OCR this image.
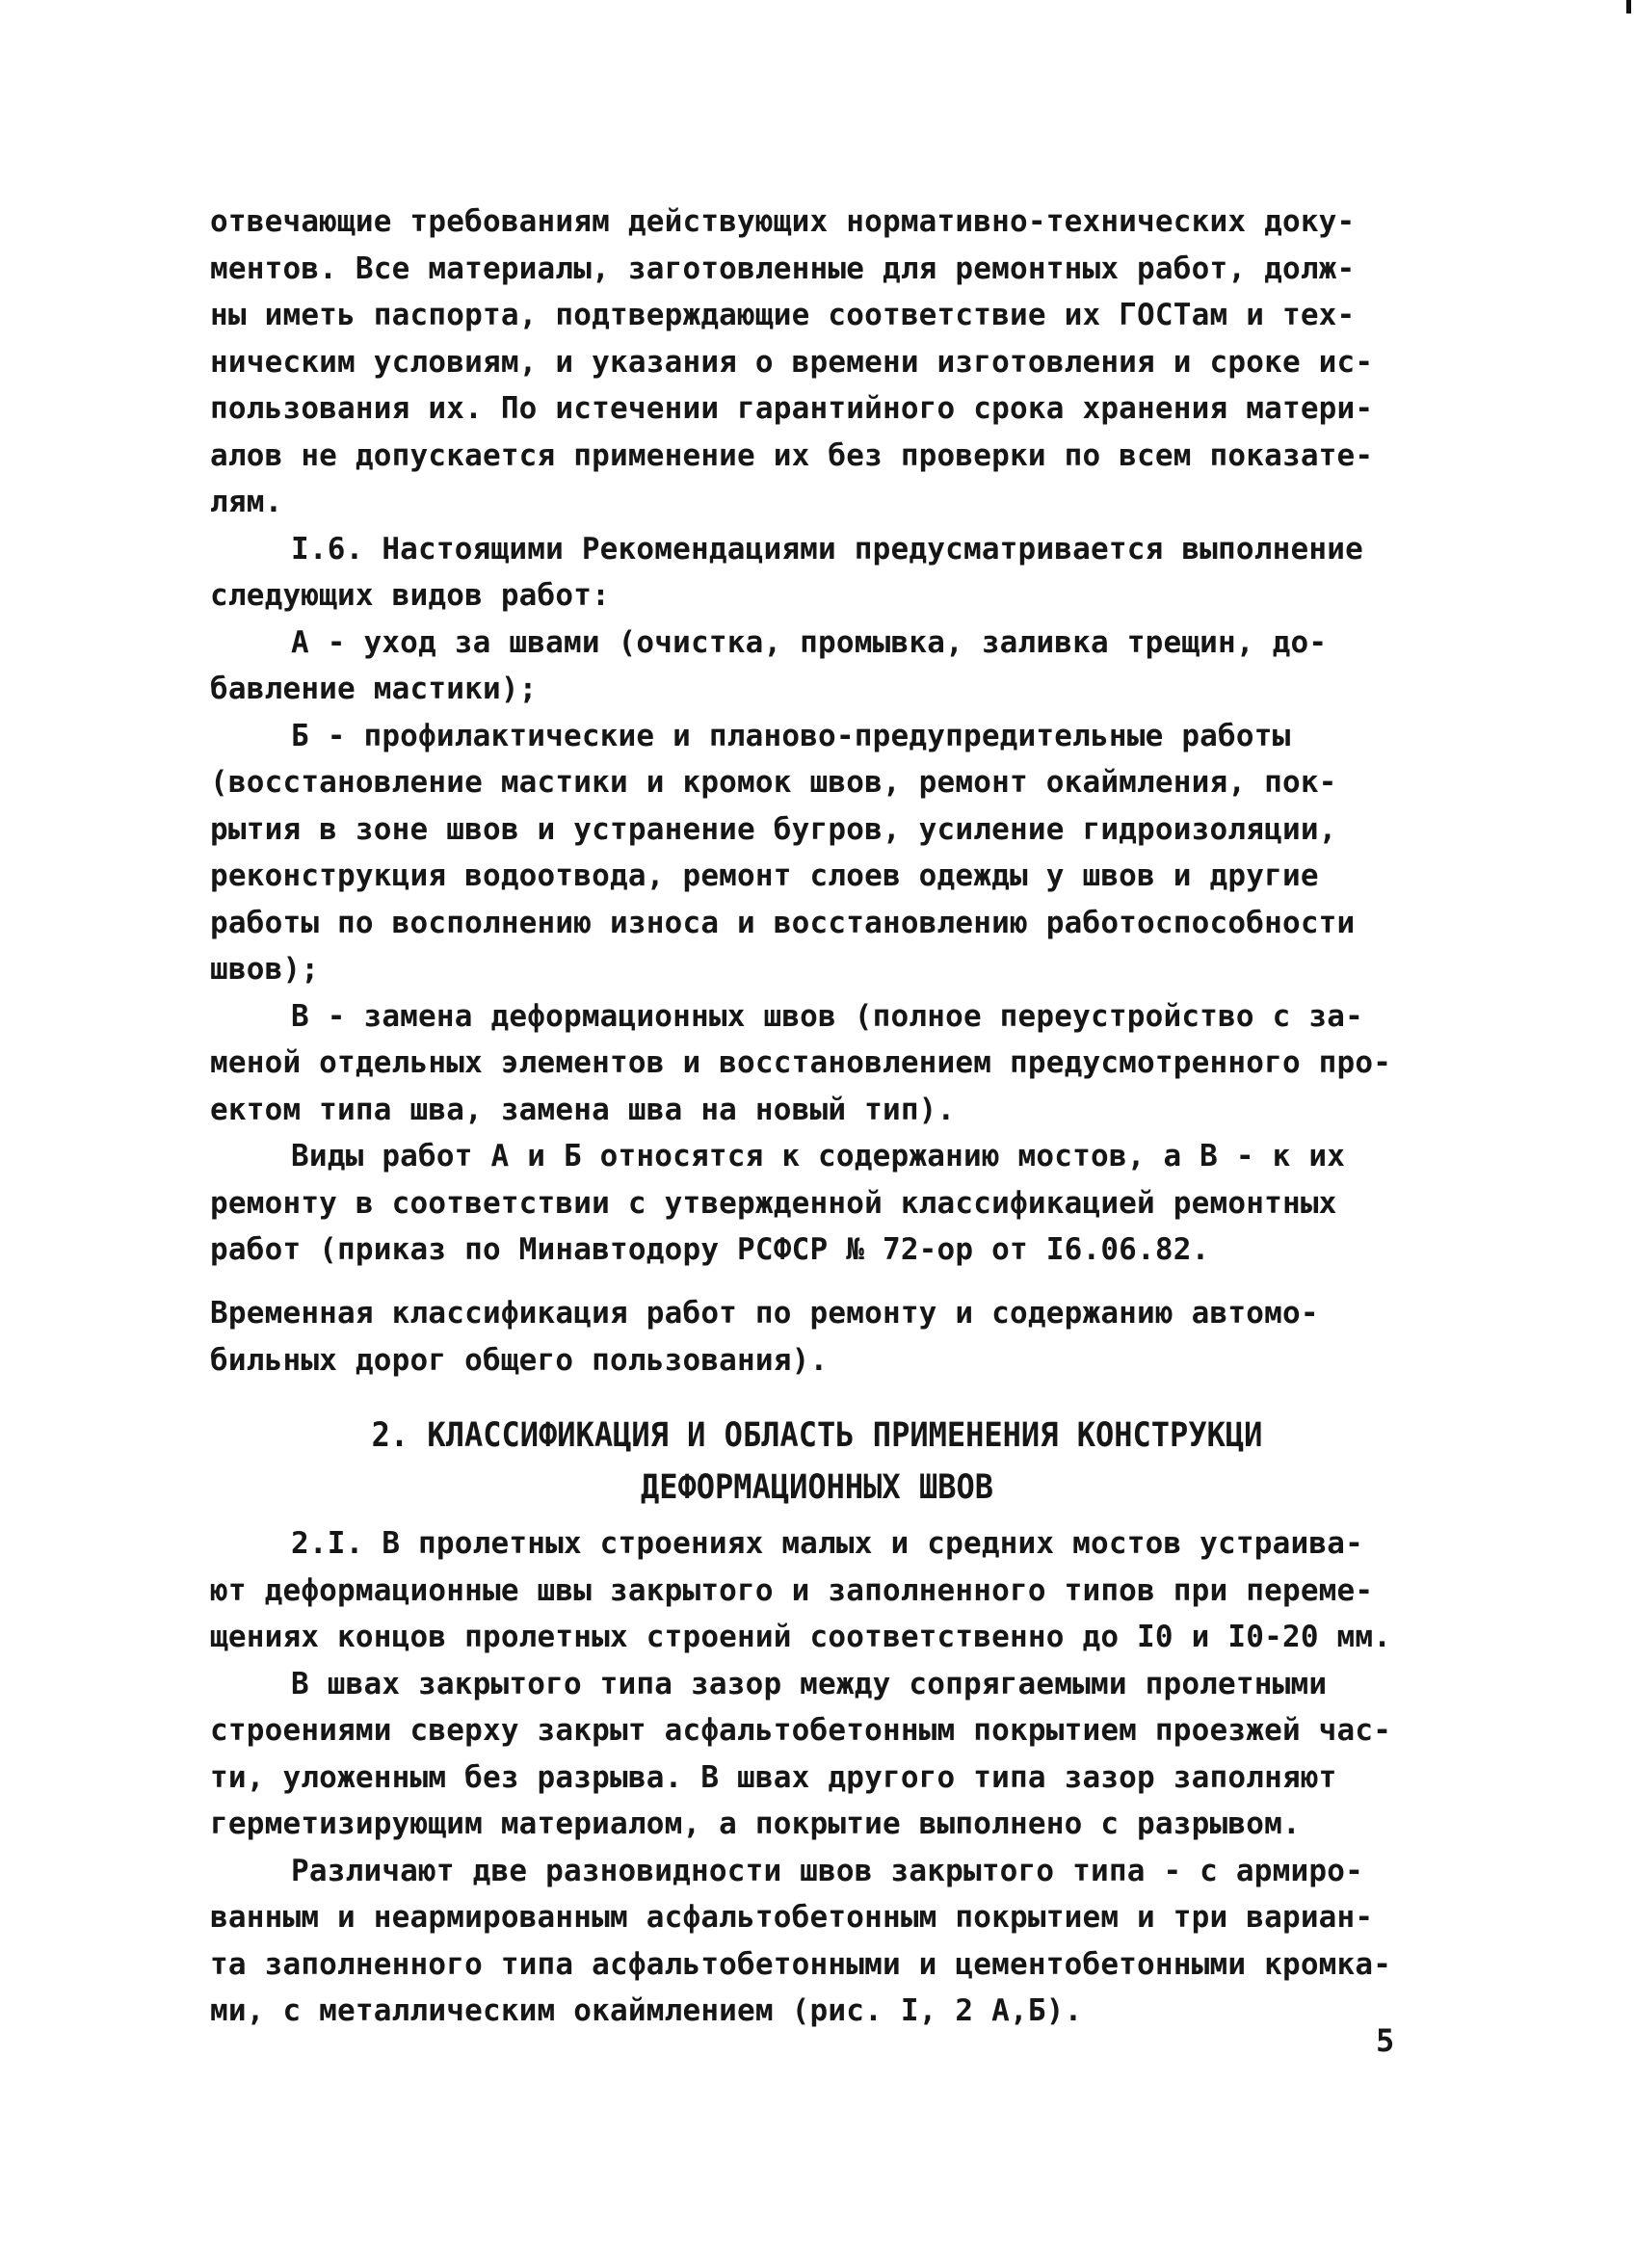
отвечающие требованиям действующих нормативно-технических доку-
ментов. Все материалы, заготовленные для ремонтных работ, долж-
ны иметь паспорта, подтверждающие соответствие их ГОСТам и тех-
ническим условиям, и указания о времени изготовления и сроке ис-
пользования их. По истечении гарантийного срока хранения матери-
алов не допускается применение их без проверки по всем показате-
лям.
I.6. Настоящими Рекомендациями предусматривается выполнение
следующих видов работ:
А - уход за швами (очистка, промывка, заливка трещин, до-
бавление мастики);
Б - профилактические и планово-предупредительные работы
(восстановление мастики и кромок швов, ремонт окаймления, пок-
рытия в зоне швов и устранение бугров, усиление гидроизоляции,
реконструкция водоотвода, ремонт слоев одежды у швов и другие
работы по восполнению износа и восстановлению работоспособности
швов);
В - замена деформационных швов (полное переустройство с за-
меной отдельных элементов и восстановлением предусмотренного про-
ектом типа шва, замена шва на новый тип).
Виды работ А и Б относятся к содержанию мостов, а В - к их
ремонту в соответствии с утвержденной классификацией ремонтных
работ (приказ по Минавтодору РСФСР № 72-ор от I6.06.82.
Временная классификация работ по ремонту и содержанию автомо-
бильных дорог общего пользования).
2. КЛАССИФИКАЦИЯ И ОБЛАСТЬ ПРИМЕНЕНИЯ КОНСТРУКЦИ
ДЕФОРМАЦИОННЫХ ШВОВ
2.I. В пролетных строениях малых и средних мостов устраива-
ют деформационные швы закрытого и заполненного типов при переме-
щениях концов пролетных строений соответственно до I0 и I0-20 мм.
В швах закрытого типа зазор между сопрягаемыми пролетными
строениями сверху закрыт асфальтобетонным покрытием проезжей час-
ти, уложенным без разрыва. В швах другого типа зазор заполняют
герметизирующим материалом, а покрытие выполнено с разрывом.
Различают две разновидности швов закрытого типа - с армиро-
ванным и неармированным асфальтобетонным покрытием и три вариан-
та заполненного типа асфальтобетонными и цементобетонными кромка-
ми, с металлическим окаймлением (рис. I, 2 А,Б).
5
